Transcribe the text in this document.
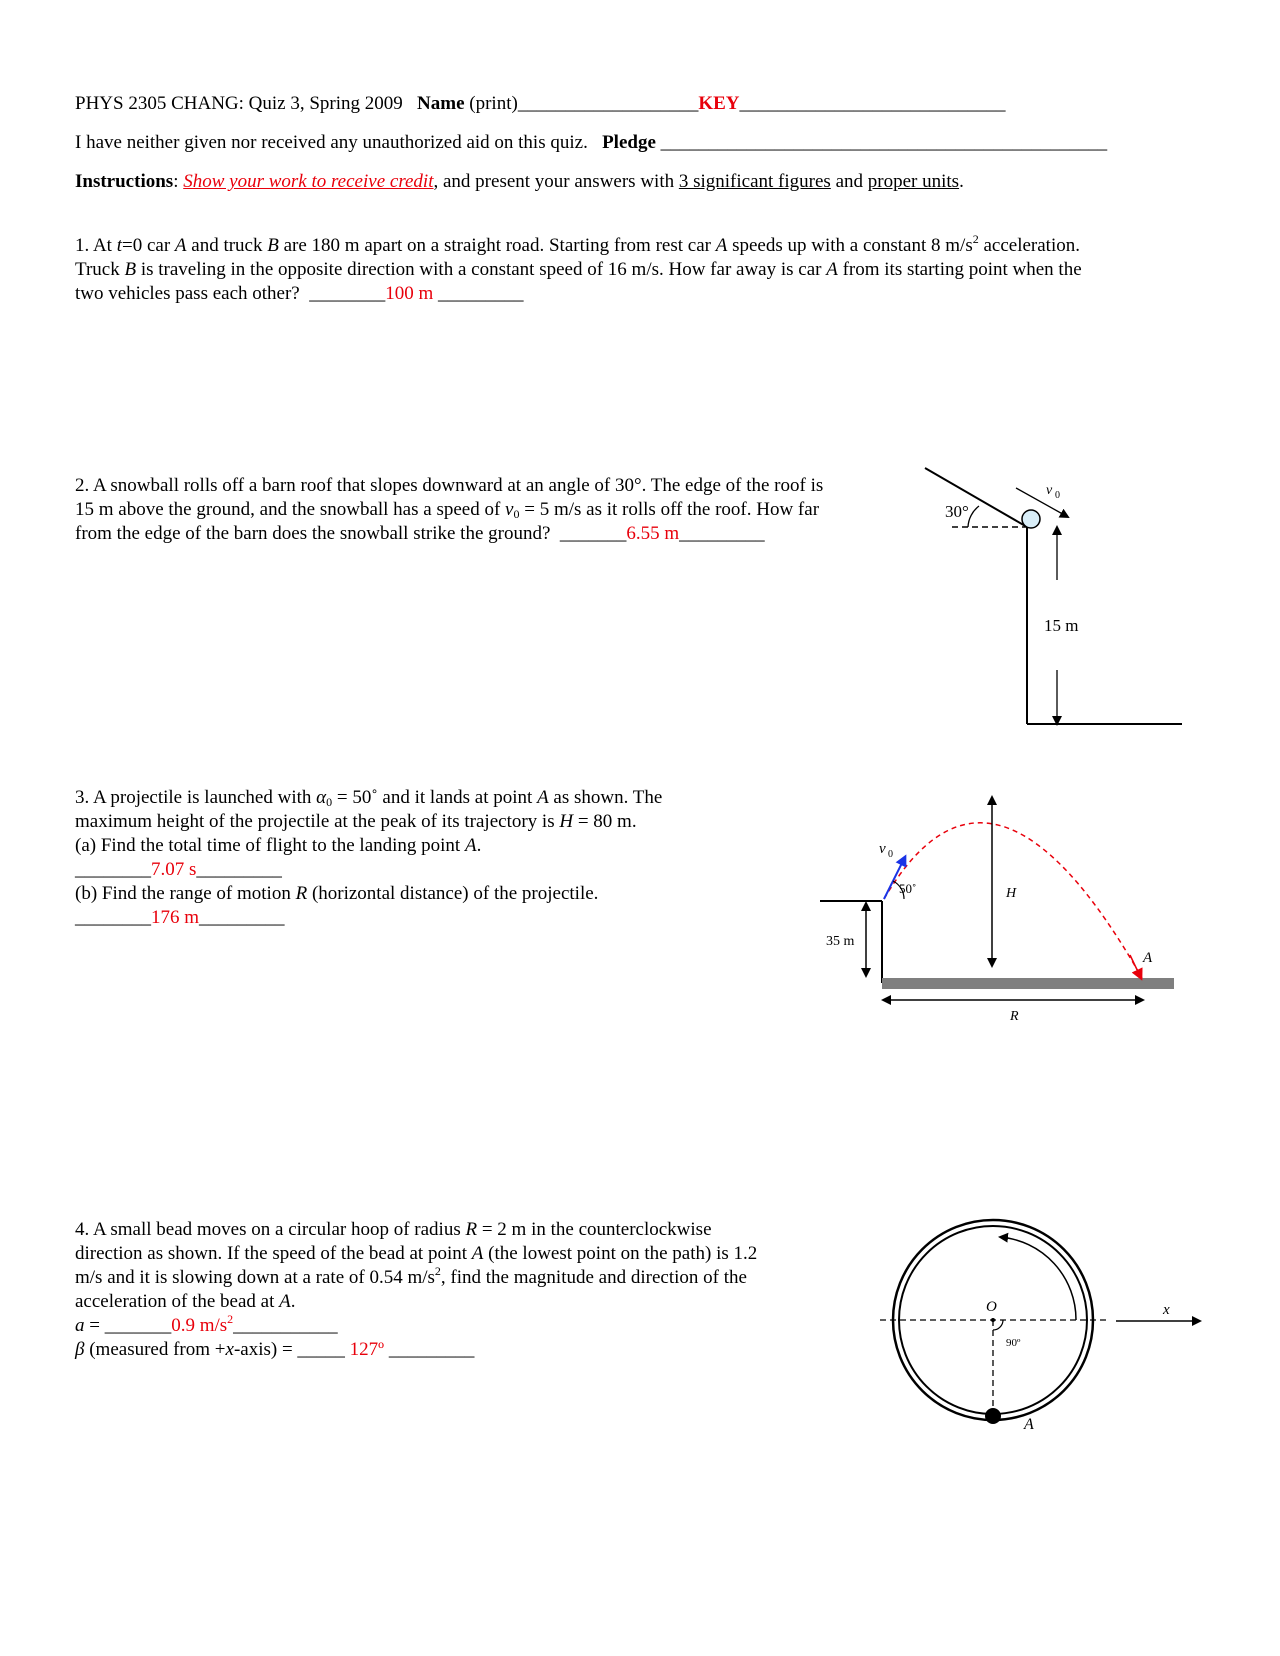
PHYS 2305 CHANG: Quiz 3, Spring 2009 Name (print)___________________KEY____________________________
I have neither given nor received any unauthorized aid on this quiz. Pledge _______________________________________________
Instructions: Show your work to receive credit, and present your answers with 3 significant figures and proper units.
1. At t=0 car A and truck B are 180 m apart on a straight road. Starting from rest car A speeds up with a constant 8 $m/s^2$ acceleration.
Truck B is traveling in the opposite direction with a constant speed of 16 m/s. How far away is car A from its starting point when the
two vehicles pass each other? ________100 m _________
2. A snowball rolls off a barn roof that slopes downward at an angle of 30°. The edge of the roof is
15 m above the ground, and the snowball has a speed of $v_0 = 5$ m/s as it rolls off the roof. How far
from the edge of the barn does the snowball strike the ground? _______6.55 m_________
30°
v 0
15 m
3. A projectile is launched with $\alpha_0$ = 50˚ and it lands at point A as shown. The
maximum height of the projectile at the peak of its trajectory is H = 80 m.
(a) Find the total time of flight to the landing point A.
________7.07 s_________
(b) Find the range of motion R (horizontal distance) of the projectile.
________176 m_________
v 0
50˚	H
35 m
A
R
4. A small bead moves on a circular hoop of radius R = 2 m in the counterclockwise
direction as shown. If the speed of the bead at point A (the lowest point on the path) is 1.2
m/s and it is slowing down at a rate of 0.54 $m/s^2$, find the magnitude and direction of the
acceleration of the bead at A.
a = _______0.9 $m/s^2\_\_\_\_\_\_\_\_\_\_\_$
β (measured from +x-axis) = _____ 127º _________
O
90º
A
x
